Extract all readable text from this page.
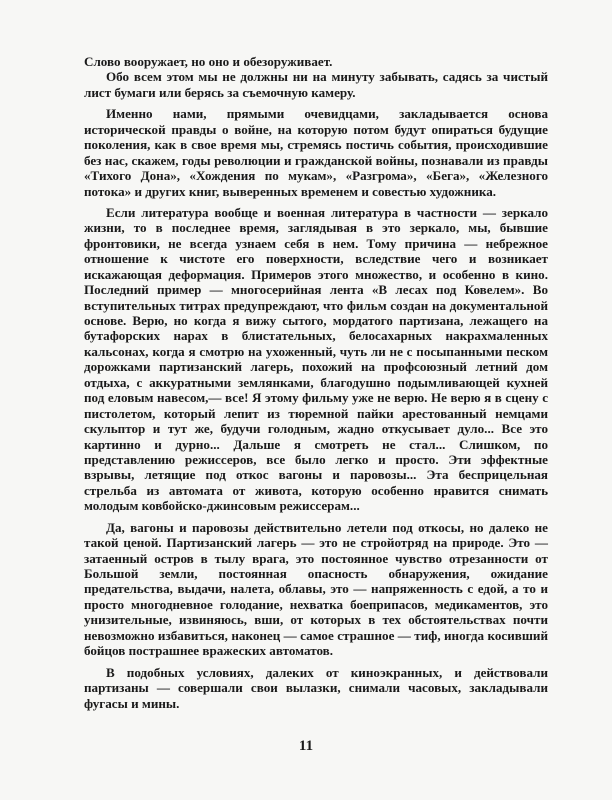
Слово вооружает, но оно и обезоруживает.

Обо всем этом мы не должны ни на минуту забывать, садясь за чистый лист бумаги или берясь за съемочную камеру.

Именно нами, прямыми очевидцами, закладывается основа исторической правды о войне, на которую потом будут опираться будущие поколения, как в свое время мы, стремясь постичь события, происходившие без нас, скажем, годы революции и гражданской войны, познавали из правды «Тихого Дона», «Хождения по мукам», «Разгрома», «Бега», «Железного потока» и других книг, выверенных временем и совестью художника.

Если литература вообще и военная литература в частности — зеркало жизни, то в последнее время, заглядывая в это зеркало, мы, бывшие фронтовики, не всегда узнаем себя в нем. Тому причина — небрежное отношение к чистоте его поверхности, вследствие чего и возникает искажающая деформация. Примеров этого множество, и особенно в кино. Последний пример — многосерийная лента «В лесах под Ковелем». Во вступительных титрах предупреждают, что фильм создан на документальной основе. Верю, но когда я вижу сытого, мордатого партизана, лежащего на бутафорских нарах в блистательных, белосахарных накрахмаленных кальсонах, когда я смотрю на ухоженный, чуть ли не с посыпанными песком дорожками партизанский лагерь, похожий на профсоюзный летний дом отдыха, с аккуратными землянками, благодушно подымливающей кухней под еловым навесом,— все! Я этому фильму уже не верю. Не верю я в сцену с пистолетом, который лепит из тюремной пайки арестованный немцами скульптор и тут же, будучи голодным, жадно откусывает дуло... Все это картинно и дурно... Дальше я смотреть не стал... Слишком, по представлению режиссеров, все было легко и просто. Эти эффектные взрывы, летящие под откос вагоны и паровозы... Эта бесприцельная стрельба из автомата от живота, которую особенно нравится снимать молодым ковбойско-джинсовым режиссерам...

Да, вагоны и паровозы действительно летели под откосы, но далеко не такой ценой. Партизанский лагерь — это не стройотряд на природе. Это — затаенный остров в тылу врага, это постоянное чувство отрезанности от Большой земли, постоянная опасность обнаружения, ожидание предательства, выдачи, налета, облавы, это — напряженность с едой, а то и просто многодневное голодание, нехватка боеприпасов, медикаментов, это унизительные, извиняюсь, вши, от которых в тех обстоятельствах почти невозможно избавиться, наконец — самое страшное — тиф, иногда косивший бойцов пострашнее вражеских автоматов.

В подобных условиях, далеких от киноэкранных, и действовали партизаны — совершали свои вылазки, снимали часовых, закладывали фугасы и мины.

11
